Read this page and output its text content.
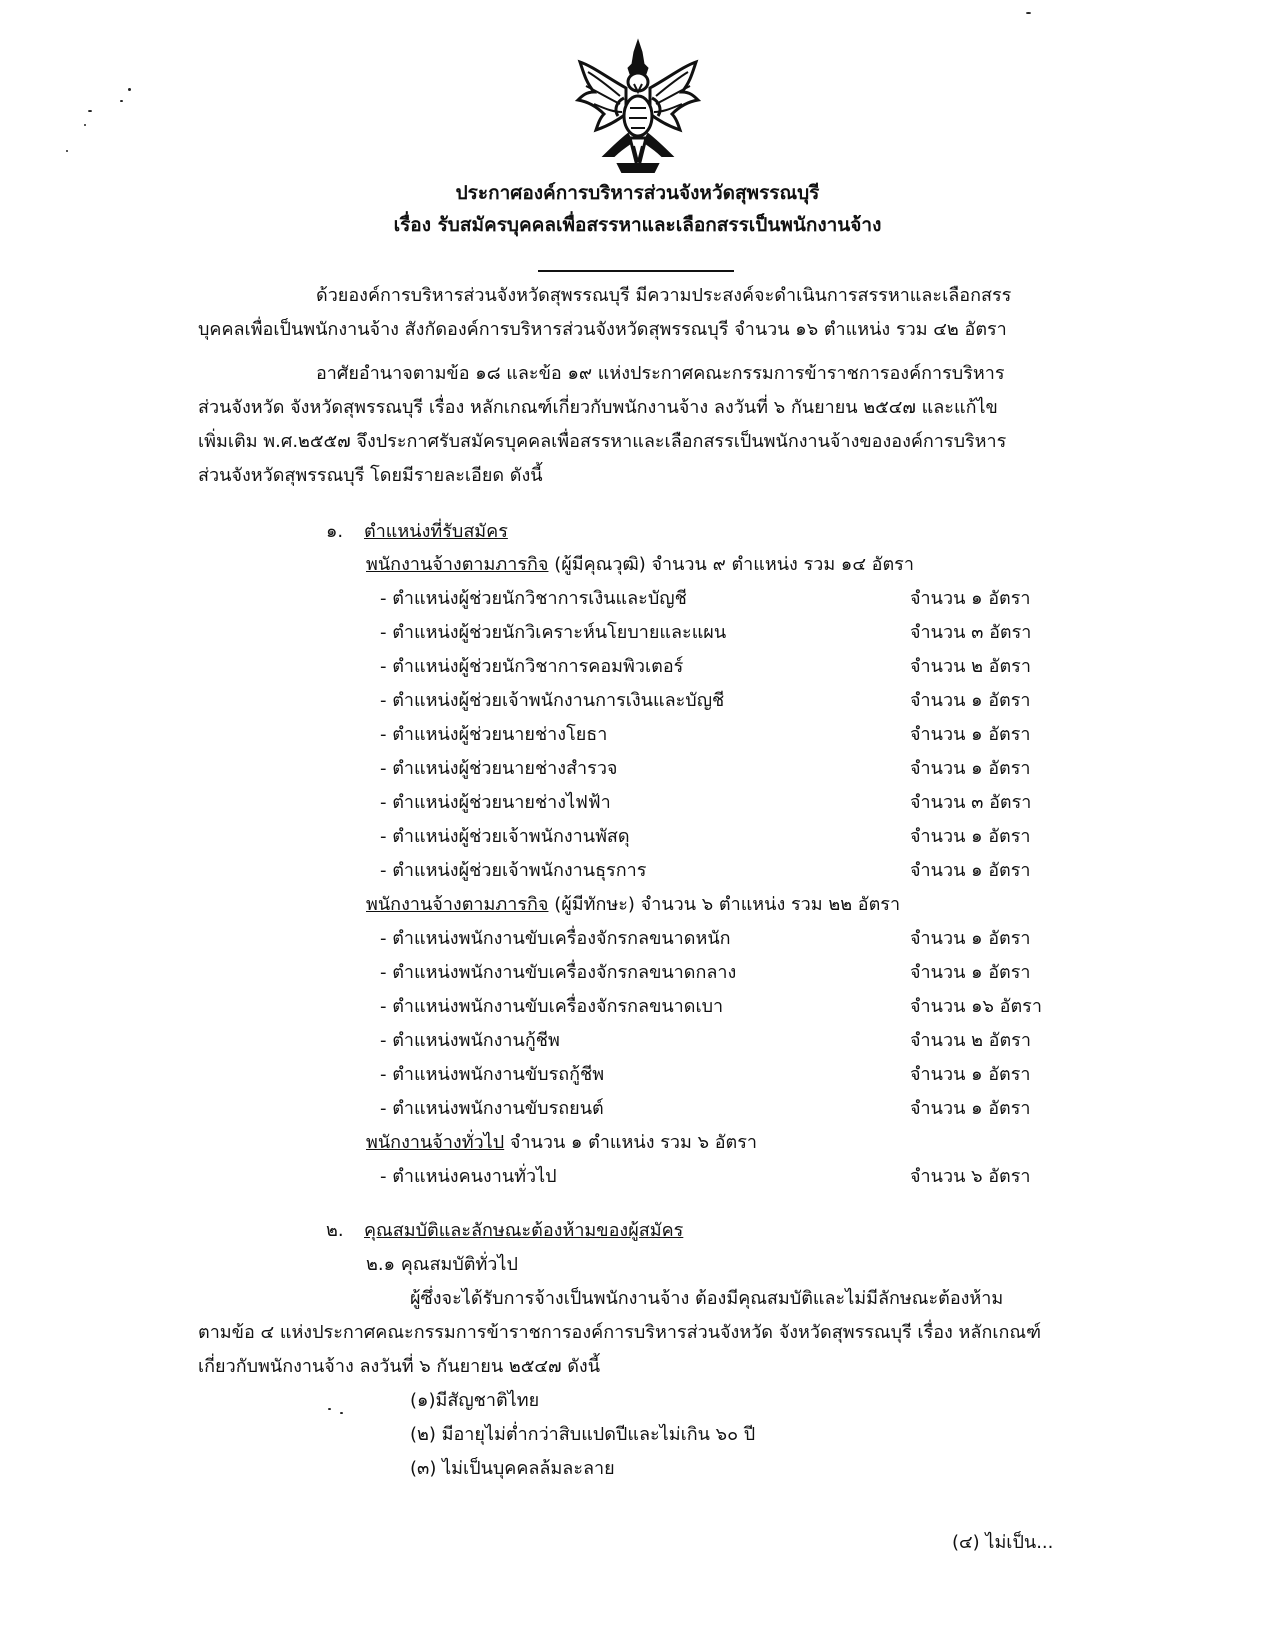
ประกาศองค์การบริหารส่วนจังหวัดสุพรรณบุรี
เรื่อง รับสมัครบุคคลเพื่อสรรหาและเลือกสรรเป็นพนักงานจ้าง
ด้วยองค์การบริหารส่วนจังหวัดสุพรรณบุรี มีความประสงค์จะดำเนินการสรรหาและเลือกสรร
บุคคลเพื่อเป็นพนักงานจ้าง สังกัดองค์การบริหารส่วนจังหวัดสุพรรณบุรี จำนวน ๑๖ ตำแหน่ง รวม ๔๒ อัตรา
อาศัยอำนาจตามข้อ ๑๘ และข้อ ๑๙ แห่งประกาศคณะกรรมการข้าราชการองค์การบริหาร
ส่วนจังหวัด จังหวัดสุพรรณบุรี เรื่อง หลักเกณฑ์เกี่ยวกับพนักงานจ้าง ลงวันที่ ๖ กันยายน ๒๕๔๗ และแก้ไข
เพิ่มเติม พ.ศ.๒๕๕๗ จึงประกาศรับสมัครบุคคลเพื่อสรรหาและเลือกสรรเป็นพนักงานจ้างขององค์การบริหาร
ส่วนจังหวัดสุพรรณบุรี โดยมีรายละเอียด ดังนี้
๑. ตำแหน่งที่รับสมัคร
พนักงานจ้างตามภารกิจ (ผู้มีคุณวุฒิ) จำนวน ๙ ตำแหน่ง รวม ๑๔ อัตรา
- ตำแหน่งผู้ช่วยนักวิชาการเงินและบัญชี	จำนวน ๑ อัตรา
- ตำแหน่งผู้ช่วยนักวิเคราะห์นโยบายและแผน	จำนวน ๓ อัตรา
- ตำแหน่งผู้ช่วยนักวิชาการคอมพิวเตอร์	จำนวน ๒ อัตรา
- ตำแหน่งผู้ช่วยเจ้าพนักงานการเงินและบัญชี	จำนวน ๑ อัตรา
- ตำแหน่งผู้ช่วยนายช่างโยธา	จำนวน ๑ อัตรา
- ตำแหน่งผู้ช่วยนายช่างสำรวจ	จำนวน ๑ อัตรา
- ตำแหน่งผู้ช่วยนายช่างไฟฟ้า	จำนวน ๓ อัตรา
- ตำแหน่งผู้ช่วยเจ้าพนักงานพัสดุ	จำนวน ๑ อัตรา
- ตำแหน่งผู้ช่วยเจ้าพนักงานธุรการ	จำนวน ๑ อัตรา
พนักงานจ้างตามภารกิจ (ผู้มีทักษะ) จำนวน ๖ ตำแหน่ง รวม ๒๒ อัตรา
- ตำแหน่งพนักงานขับเครื่องจักรกลขนาดหนัก	จำนวน ๑ อัตรา
- ตำแหน่งพนักงานขับเครื่องจักรกลขนาดกลาง	จำนวน ๑ อัตรา
- ตำแหน่งพนักงานขับเครื่องจักรกลขนาดเบา	จำนวน ๑๖ อัตรา
- ตำแหน่งพนักงานกู้ชีพ	จำนวน ๒ อัตรา
- ตำแหน่งพนักงานขับรถกู้ชีพ	จำนวน ๑ อัตรา
- ตำแหน่งพนักงานขับรถยนต์	จำนวน ๑ อัตรา
พนักงานจ้างทั่วไป จำนวน ๑ ตำแหน่ง รวม ๖ อัตรา
- ตำแหน่งคนงานทั่วไป	จำนวน ๖ อัตรา
๒. คุณสมบัติและลักษณะต้องห้ามของผู้สมัคร
๒.๑ คุณสมบัติทั่วไป
ผู้ซึ่งจะได้รับการจ้างเป็นพนักงานจ้าง ต้องมีคุณสมบัติและไม่มีลักษณะต้องห้าม
ตามข้อ ๔ แห่งประกาศคณะกรรมการข้าราชการองค์การบริหารส่วนจังหวัด จังหวัดสุพรรณบุรี เรื่อง หลักเกณฑ์
เกี่ยวกับพนักงานจ้าง ลงวันที่ ๖ กันยายน ๒๕๔๗ ดังนี้
(๑)มีสัญชาติไทย
(๒) มีอายุไม่ต่ำกว่าสิบแปดปีและไม่เกิน ๖๐ ปี
(๓) ไม่เป็นบุคคลล้มละลาย
(๔) ไม่เป็น...
